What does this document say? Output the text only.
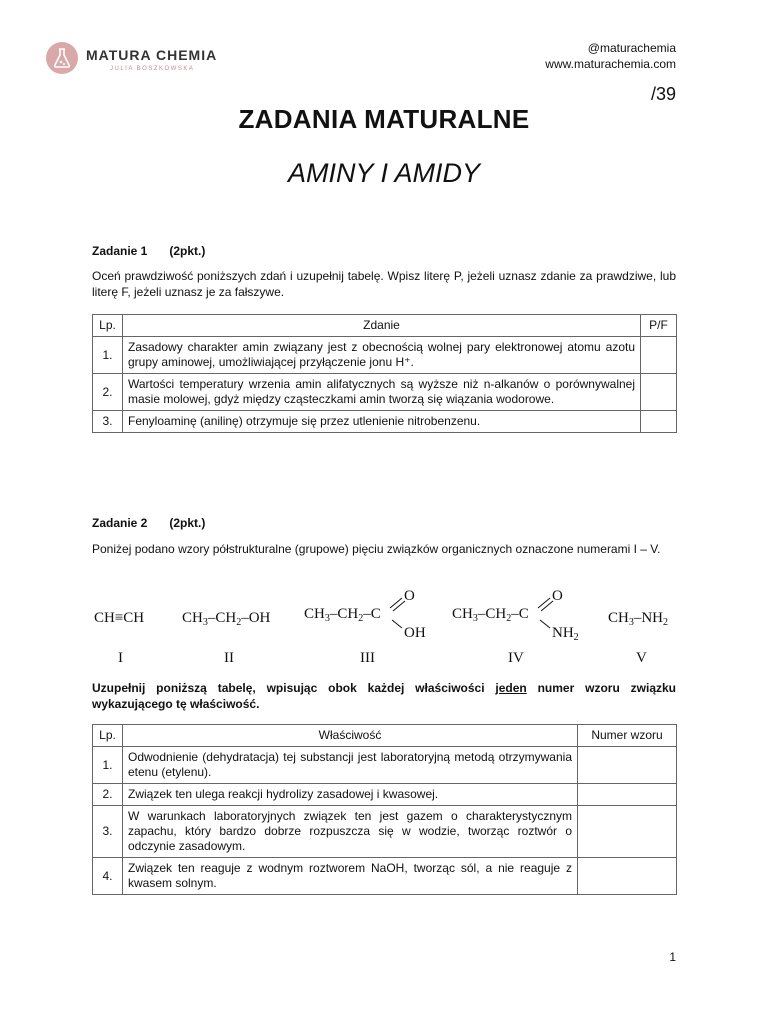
MATURA CHEMIA
JULIA BOSZKOWSKA
@maturachemia
www.maturachemia.com
/39
ZADANIA MATURALNE
AMINY I AMIDY
Zadanie 1 (2pkt.)
Oceń prawdziwość poniższych zdań i uzupełnij tabelę. Wpisz literę P, jeżeli uznasz zdanie za prawdziwe, lub literę F, jeżeli uznasz je za fałszywe.
Lp.	Zdanie	P/F
1.	Zasadowy charakter amin związany jest z obecnością wolnej pary elektronowej atomu azotu grupy aminowej, umożliwiającej przyłączenie jonu H⁺.	
2.	Wartości temperatury wrzenia amin alifatycznych są wyższe niż n-alkanów o porównywalnej masie molowej, gdyż między cząsteczkami amin tworzą się wiązania wodorowe.	
3.	Fenyloaminę (anilinę) otrzymuje się przez utlenienie nitrobenzenu.	
Zadanie 2 (2pkt.)
Poniżej podano wzory półstrukturalne (grupowe) pięciu związków organicznych oznaczone numerami I – V.
CH≡CH
I
$CH_3-CH_2-OH$
II
$CH_3-CH_2-C$
O
OH
III
$CH_3-CH_2-C$
O
$NH_2$
IV
$CH_3-NH_2$
V
Uzupełnij poniższą tabelę, wpisując obok każdej właściwości jeden numer wzoru związku wykazującego tę właściwość.
Lp.	Właściwość	Numer wzoru
1.	Odwodnienie (dehydratacja) tej substancji jest laboratoryjną metodą otrzymywania etenu (etylenu).	
2.	Związek ten ulega reakcji hydrolizy zasadowej i kwasowej.	
3.	W warunkach laboratoryjnych związek ten jest gazem o charakterystycznym zapachu, który bardzo dobrze rozpuszcza się w wodzie, tworząc roztwór o odczynie zasadowym.	
4.	Związek ten reaguje z wodnym roztworem NaOH, tworząc sól, a nie reaguje z kwasem solnym.	
1
